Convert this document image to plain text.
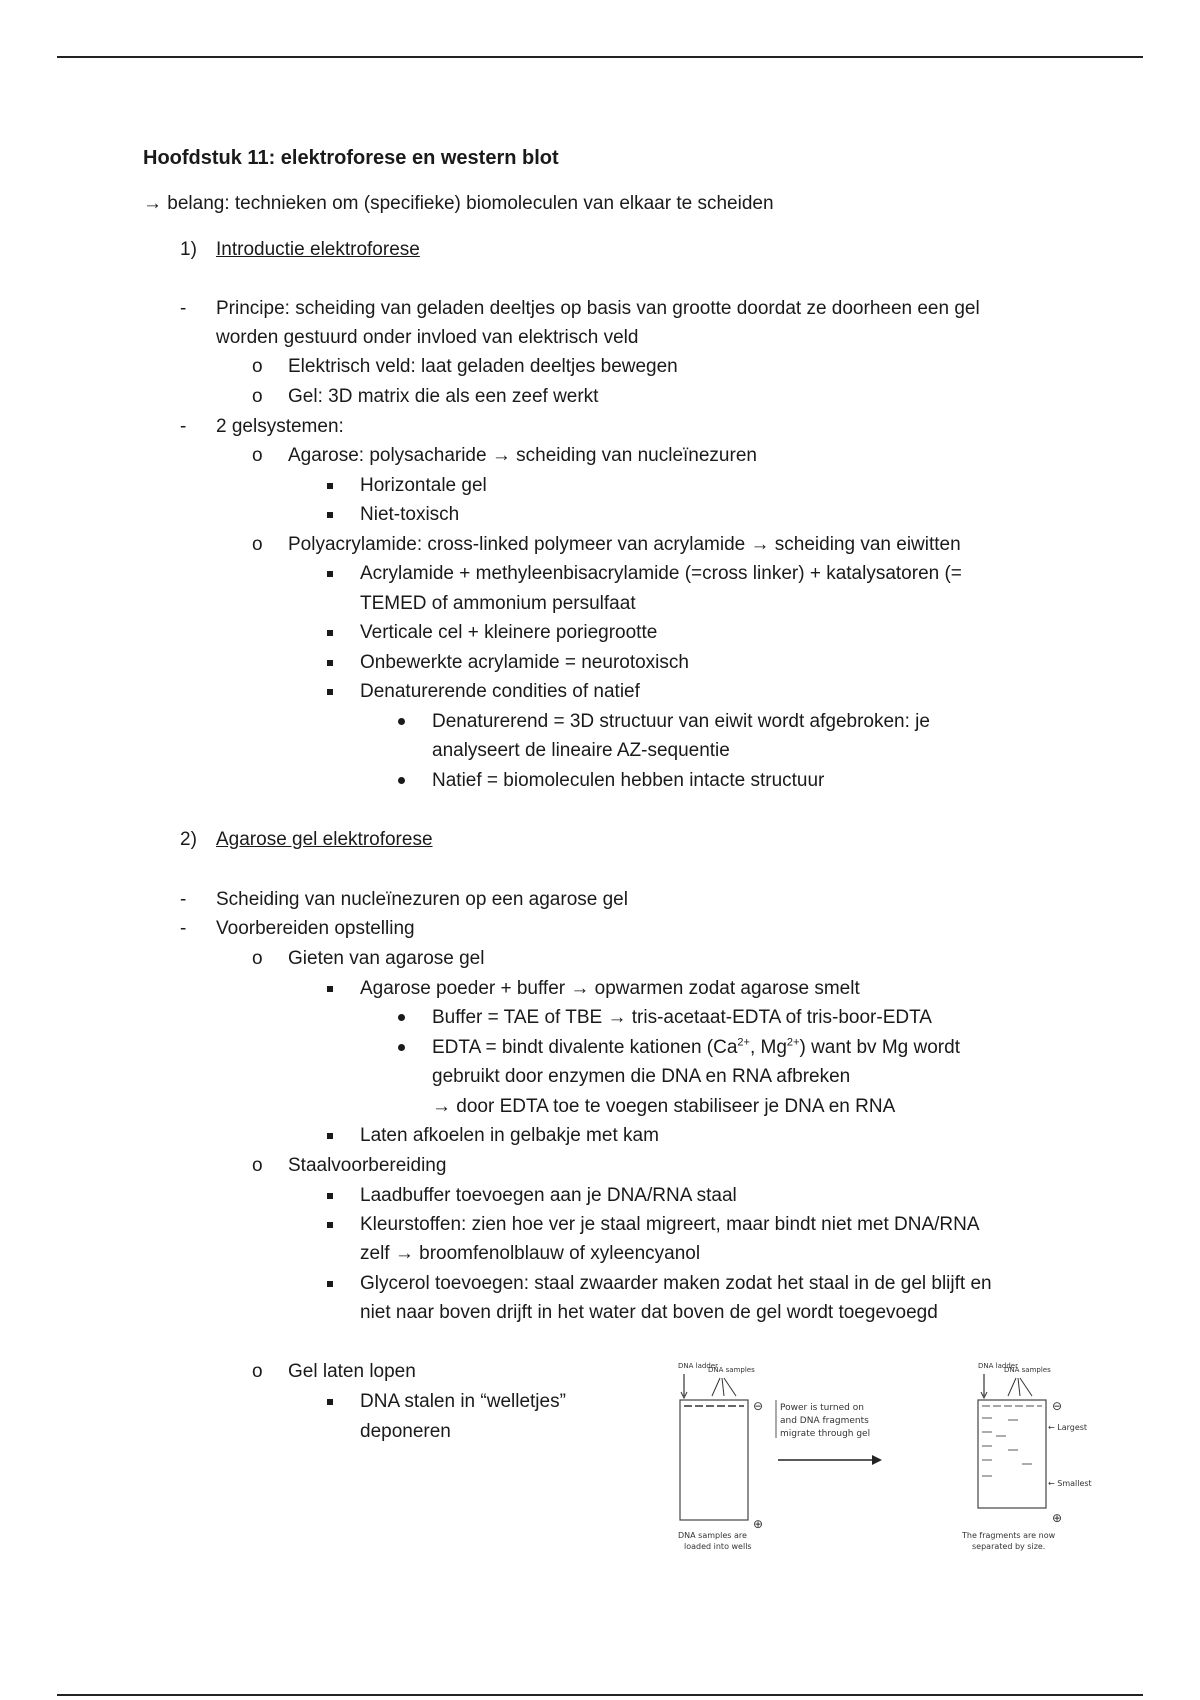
Hoofdstuk 11: elektroforese en western blot
→ belang: technieken om (specifieke) biomoleculen van elkaar te scheiden
1) Introductie elektroforese
- Principe: scheiding van geladen deeltjes op basis van grootte doordat ze doorheen een gel
worden gestuurd onder invloed van elektrisch veld
o Elektrisch veld: laat geladen deeltjes bewegen
o Gel: 3D matrix die als een zeef werkt
- 2 gelsystemen:
o Agarose: polysacharide → scheiding van nucleïnezuren
Horizontale gel
Niet-toxisch
o Polyacrylamide: cross-linked polymeer van acrylamide → scheiding van eiwitten
Acrylamide + methyleenbisacrylamide (=cross linker) + katalysatoren (=
TEMED of ammonium persulfaat
Verticale cel + kleinere poriegrootte
Onbewerkte acrylamide = neurotoxisch
Denaturerende condities of natief
Denaturerend = 3D structuur van eiwit wordt afgebroken: je
analyseert de lineaire AZ-sequentie
Natief = biomoleculen hebben intacte structuur
2) Agarose gel elektroforese
- Scheiding van nucleïnezuren op een agarose gel
- Voorbereiden opstelling
o Gieten van agarose gel
Agarose poeder + buffer → opwarmen zodat agarose smelt
Buffer = TAE of TBE → tris-acetaat-EDTA of tris-boor-EDTA
EDTA = bindt divalente kationen ($Ca^{2+}$, $Mg^{2+}$) want bv Mg wordt
gebruikt door enzymen die DNA en RNA afbreken
→ door EDTA toe te voegen stabiliseer je DNA en RNA
Laten afkoelen in gelbakje met kam
o Staalvoorbereiding
Laadbuffer toevoegen aan je DNA/RNA staal
Kleurstoffen: zien hoe ver je staal migreert, maar bindt niet met DNA/RNA
zelf → broomfenolblauw of xyleencyanol
Glycerol toevoegen: staal zwaarder maken zodat het staal in de gel blijft en
niet naar boven drijft in het water dat boven de gel wordt toegevoegd
o Gel laten lopen
DNA stalen in “welletjes”
deponeren
DNA ladder
DNA samples
⊖
⊕
DNA samples are
loaded into wells
Power is turned on
and DNA fragments
migrate through gel
DNA ladder
DNA samples
⊖
⊕
← Largest
← Smallest
The fragments are now
separated by size.
